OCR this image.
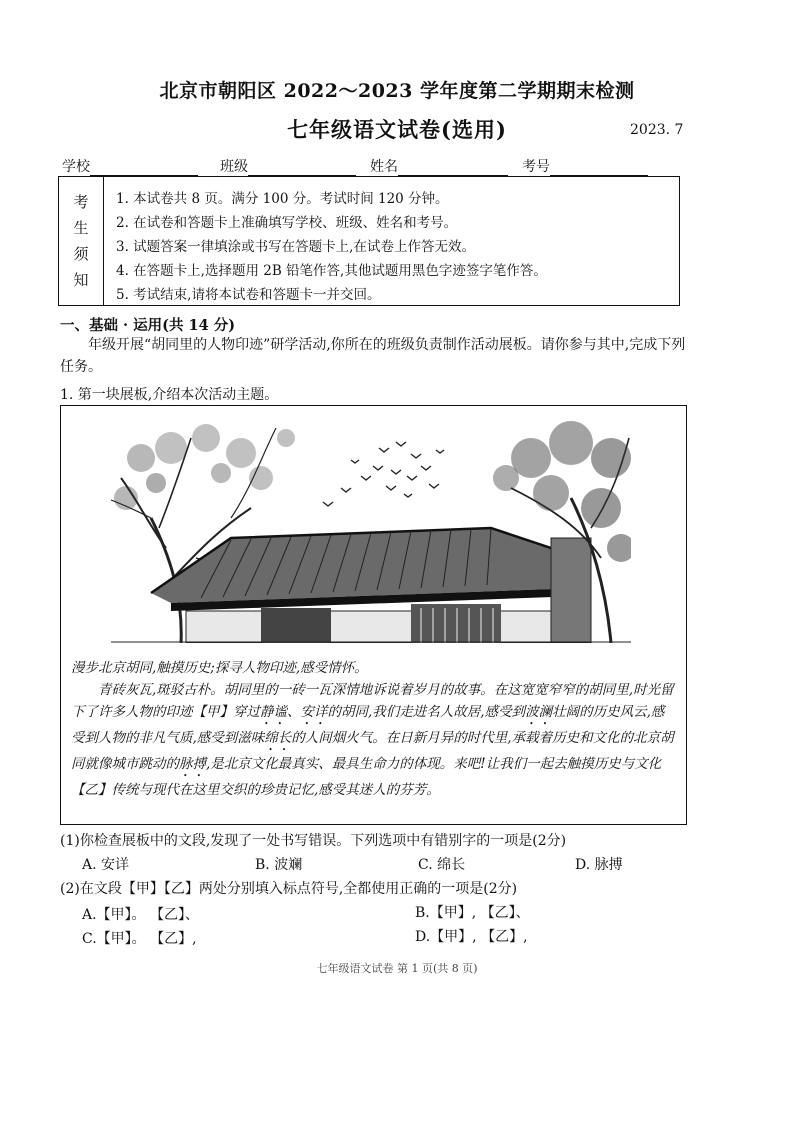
北京市朝阳区 2022～2023 学年度第二学期期末检测
七年级语文试卷(选用)	2023. 7
学校	班级	姓名	考号
考
生
须
知
1. 本试卷共 8 页。满分 100 分。考试时间 120 分钟。
2. 在试卷和答题卡上准确填写学校、班级、姓名和考号。
3. 试题答案一律填涂或书写在答题卡上,在试卷上作答无效。
4. 在答题卡上,选择题用 2B 铅笔作答,其他试题用黑色字迹签字笔作答。
5. 考试结束,请将本试卷和答题卡一并交回。
一、基础 · 运用(共 14 分)
年级开展“胡同里的人物印迹”研学活动,你所在的班级负责制作活动展板。请你参与其中,完成下列任务。
1. 第一块展板,介绍本次活动主题。

漫步北京胡同,触摸历史;探寻人物印迹,感受情怀。

青砖灰瓦,斑驳古朴。胡同里的一砖一瓦深情地诉说着岁月的故事。在这宽宽窄窄的胡同里,时光留下了许多人物的印迹【甲】穿过静谧、安详的胡同,我们走进名人故居,感受到波澜壮阔的历史风云,感受到人物的非凡气质,感受到滋味绵长的人间烟火气。在日新月异的时代里,承载着历史和文化的北京胡同就像城市跳动的脉搏,是北京文化最真实、最具生命力的体现。来吧!让我们一起去触摸历史与文化【乙】传统与现代在这里交织的珍贵记忆,感受其迷人的芬芳。

(1)你检查展板中的文段,发现了一处书写错误。下列选项中有错别字的一项是(2分)
A. 安详	B. 波斓	C. 绵长	D. 脉搏
(2)在文段【甲】【乙】两处分别填入标点符号,全都使用正确的一项是(2分)
A.【甲】。 【乙】、	B.【甲】, 【乙】、
C.【甲】。 【乙】,	D.【甲】, 【乙】,
七年级语文试卷 第 1 页(共 8 页)
